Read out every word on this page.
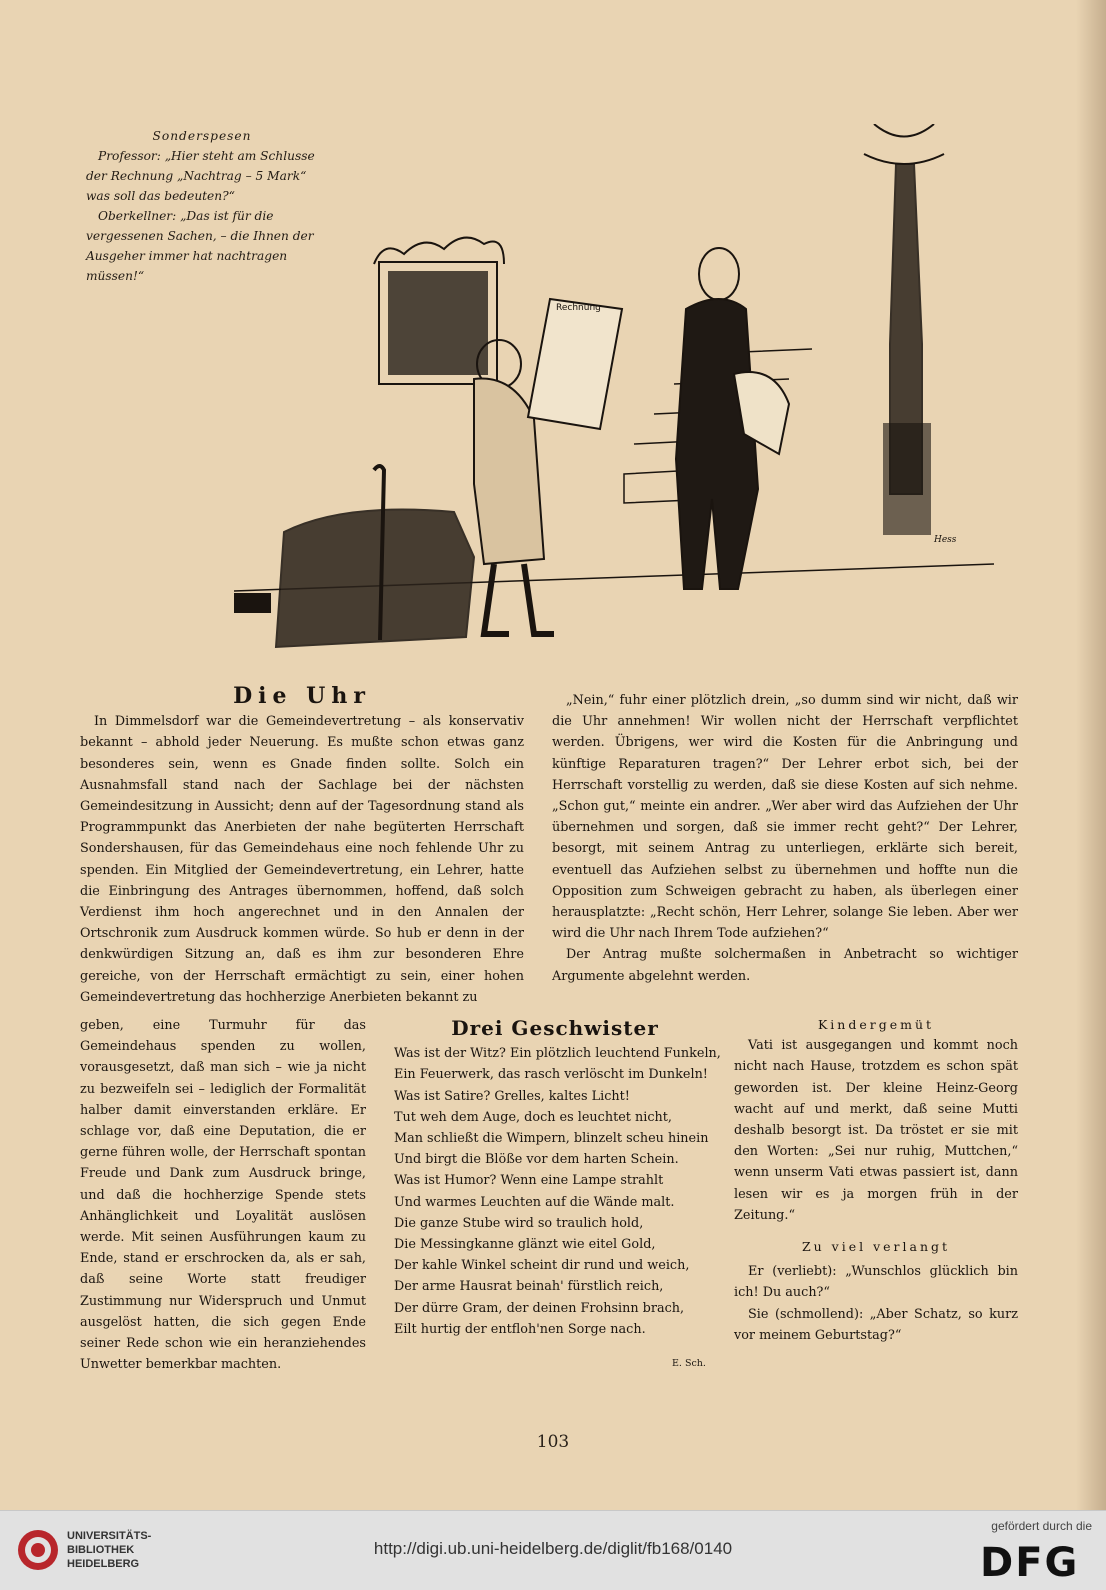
Sonderspesen

Professor: „Hier steht am Schlusse der Rechnung „Nachtrag – 5 Mark“ was soll das bedeuten?“

Oberkellner: „Das ist für die vergessenen Sachen, – die Ihnen der Ausgeher immer hat nachtragen müssen!“

Rechnung
Hess
Die Uhr

In Dimmelsdorf war die Gemeindevertretung – als konservativ bekannt – abhold jeder Neuerung. Es mußte schon etwas ganz besonderes sein, wenn es Gnade finden sollte. Solch ein Ausnahmsfall stand nach der Sachlage bei der nächsten Gemeindesitzung in Aussicht; denn auf der Tagesordnung stand als Programmpunkt das Anerbieten der nahe begüterten Herrschaft Sondershausen, für das Gemeindehaus eine noch fehlende Uhr zu spenden. Ein Mitglied der Gemeindevertretung, ein Lehrer, hatte die Einbringung des Antrages übernommen, hoffend, daß solch Verdienst ihm hoch angerechnet und in den Annalen der Ortschronik zum Ausdruck kommen würde. So hub er denn in der denkwürdigen Sitzung an, daß es ihm zur besonderen Ehre gereiche, von der Herrschaft ermächtigt zu sein, einer hohen Gemeindevertretung das hochherzige Anerbieten bekannt zu

geben, eine Turmuhr für das Gemeindehaus spenden zu wollen, vorausgesetzt, daß man sich – wie ja nicht zu bezweifeln sei – lediglich der Formalität halber damit einverstanden erkläre. Er schlage vor, daß eine Deputation, die er gerne führen wolle, der Herrschaft spontan Freude und Dank zum Ausdruck bringe, und daß die hochherzige Spende stets Anhänglichkeit und Loyalität auslösen werde. Mit seinen Ausführungen kaum zu Ende, stand er erschrocken da, als er sah, daß seine Worte statt freudiger Zustimmung nur Widerspruch und Unmut ausgelöst hatten, die sich gegen Ende seiner Rede schon wie ein heranziehendes Unwetter bemerkbar machten.

„Nein,“ fuhr einer plötzlich drein, „so dumm sind wir nicht, daß wir die Uhr annehmen! Wir wollen nicht der Herrschaft verpflichtet werden. Übrigens, wer wird die Kosten für die Anbringung und künftige Reparaturen tragen?“ Der Lehrer erbot sich, bei der Herrschaft vorstellig zu werden, daß sie diese Kosten auf sich nehme. „Schon gut,“ meinte ein andrer. „Wer aber wird das Aufziehen der Uhr übernehmen und sorgen, daß sie immer recht geht?“ Der Lehrer, besorgt, mit seinem Antrag zu unterliegen, erklärte sich bereit, eventuell das Aufziehen selbst zu übernehmen und hoffte nun die Opposition zum Schweigen gebracht zu haben, als überlegen einer herausplatzte: „Recht schön, Herr Lehrer, solange Sie leben. Aber wer wird die Uhr nach Ihrem Tode aufziehen?“

Der Antrag mußte solchermaßen in Anbetracht so wichtiger Argumente abgelehnt werden.

Drei Geschwister
Was ist der Witz? Ein plötzlich leuchtend Funkeln,
Ein Feuerwerk, das rasch verlöscht im Dunkeln!
Was ist Satire? Grelles, kaltes Licht!
Tut weh dem Auge, doch es leuchtet nicht,
Man schließt die Wimpern, blinzelt scheu hinein
Und birgt die Blöße vor dem harten Schein.
Was ist Humor? Wenn eine Lampe strahlt
Und warmes Leuchten auf die Wände malt.
Die ganze Stube wird so traulich hold,
Die Messingkanne glänzt wie eitel Gold,
Der kahle Winkel scheint dir rund und weich,
Der arme Hausrat beinah' fürstlich reich,
Der dürre Gram, der deinen Frohsinn brach,
Eilt hurtig der entfloh'nen Sorge nach.
E. Sch.
Kindergemüt

Vati ist ausgegangen und kommt noch nicht nach Hause, trotzdem es schon spät geworden ist. Der kleine Heinz-Georg wacht auf und merkt, daß seine Mutti deshalb besorgt ist. Da tröstet er sie mit den Worten: „Sei nur ruhig, Muttchen,“ wenn unserm Vati etwas passiert ist, dann lesen wir es ja morgen früh in der Zeitung.“

Zu viel verlangt

Er (verliebt): „Wunschlos glücklich bin ich! Du auch?“

Sie (schmollend): „Aber Schatz, so kurz vor meinem Geburtstag?“

103
UNIVERSITÄTS-
BIBLIOTHEK
HEIDELBERG
http://digi.ub.uni-heidelberg.de/diglit/fb168/0140
gefördert durch die
DFG
